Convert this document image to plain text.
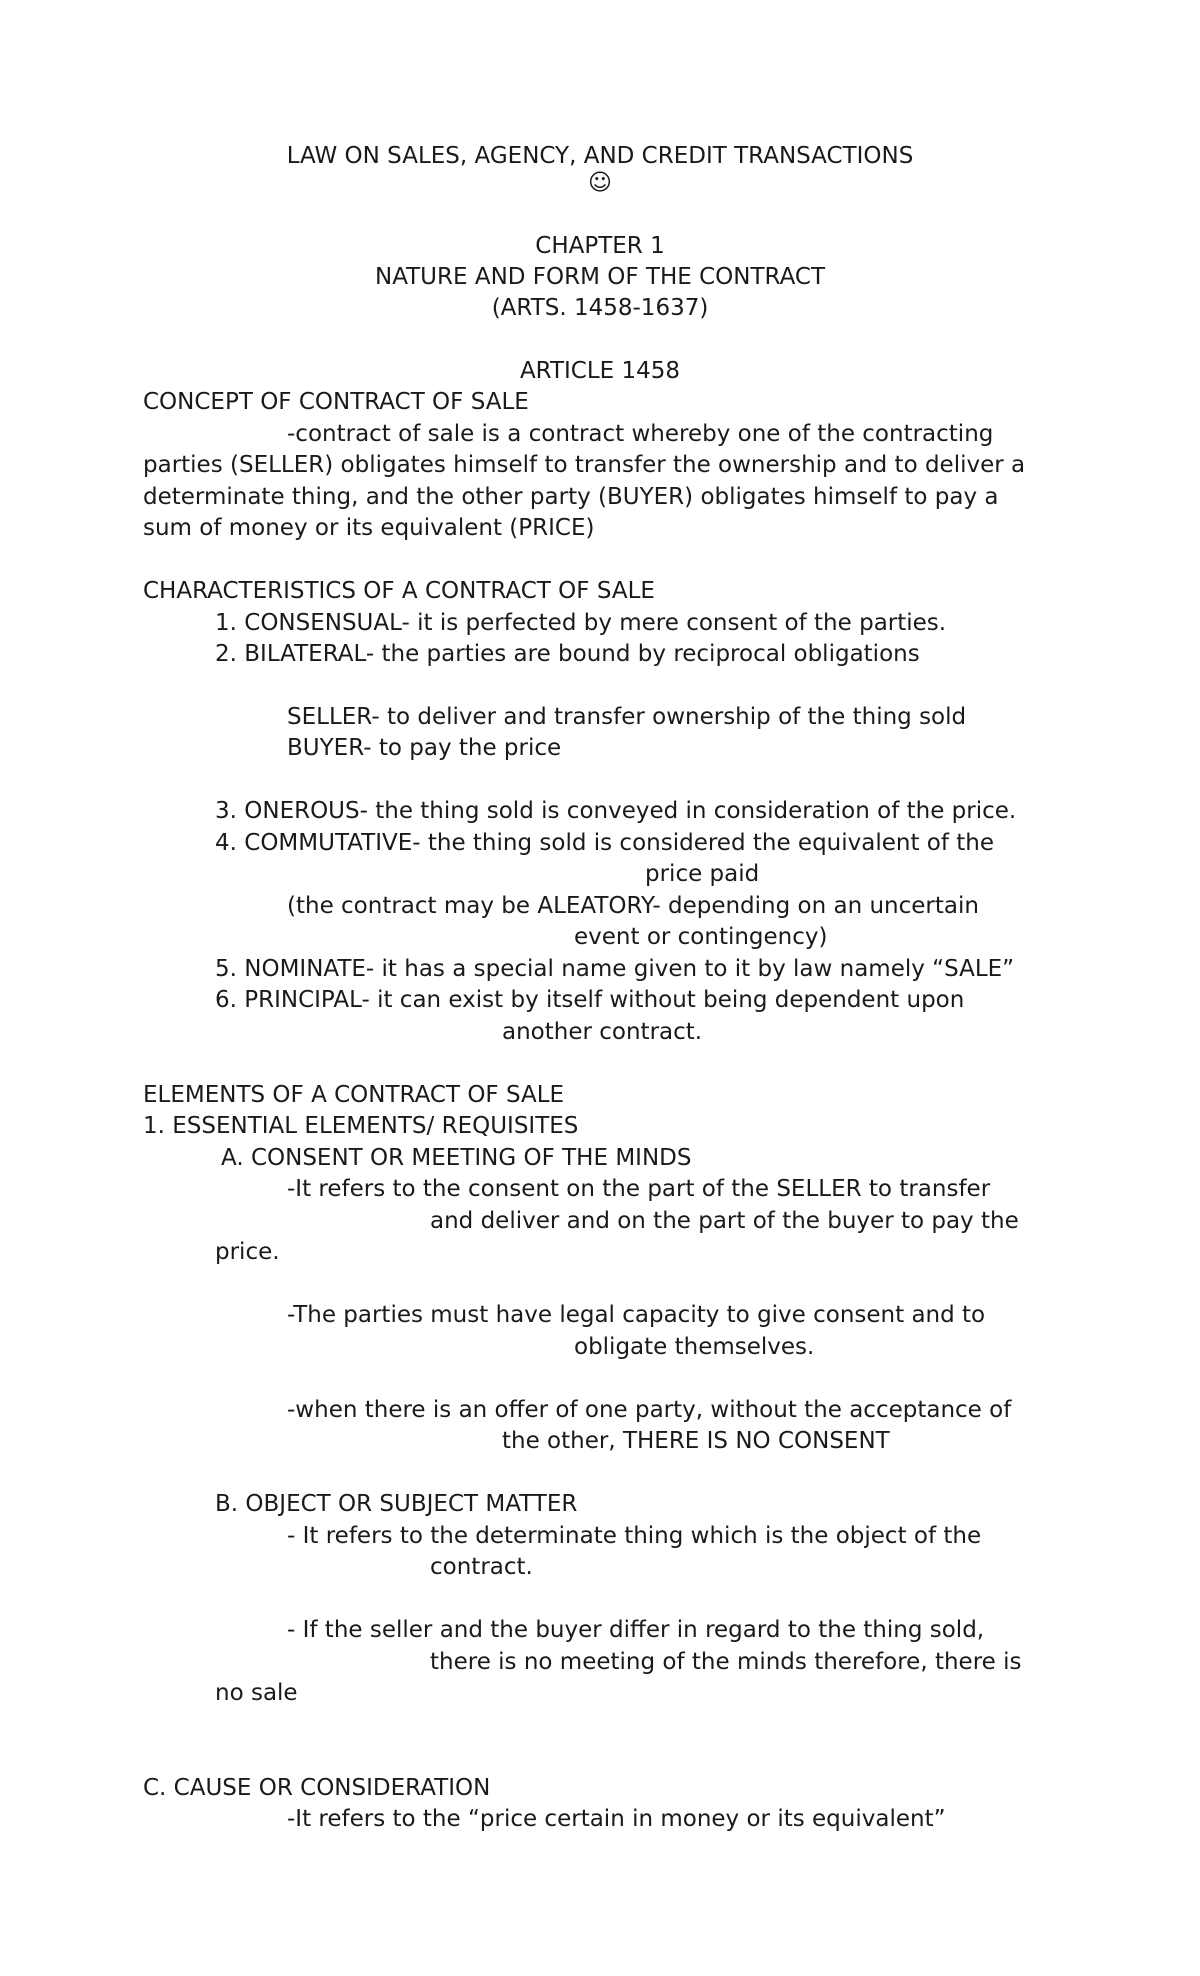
LAW ON SALES, AGENCY, AND CREDIT TRANSACTIONS
☺
CHAPTER 1
NATURE AND FORM OF THE CONTRACT
(ARTS. 1458-1637)
ARTICLE 1458
CONCEPT OF CONTRACT OF SALE
-contract of sale is a contract whereby one of the contracting
parties (SELLER) obligates himself to transfer the ownership and to deliver a
determinate thing, and the other party (BUYER) obligates himself to pay a
sum of money or its equivalent (PRICE)
CHARACTERISTICS OF A CONTRACT OF SALE
1. CONSENSUAL- it is perfected by mere consent of the parties.
2. BILATERAL- the parties are bound by reciprocal obligations
SELLER- to deliver and transfer ownership of the thing sold
BUYER- to pay the price
3. ONEROUS- the thing sold is conveyed in consideration of the price.
4. COMMUTATIVE- the thing sold is considered the equivalent of the
price paid
(the contract may be ALEATORY- depending on an uncertain
event or contingency)
5. NOMINATE- it has a special name given to it by law namely “SALE”
6. PRINCIPAL- it can exist by itself without being dependent upon
another contract.
ELEMENTS OF A CONTRACT OF SALE
1. ESSENTIAL ELEMENTS/ REQUISITES
A. CONSENT OR MEETING OF THE MINDS
-It refers to the consent on the part of the SELLER to transfer
and deliver and on the part of the buyer to pay the
price.
-The parties must have legal capacity to give consent and to
obligate themselves.
-when there is an offer of one party, without the acceptance of
the other, THERE IS NO CONSENT
B. OBJECT OR SUBJECT MATTER
- It refers to the determinate thing which is the object of the
contract.
- If the seller and the buyer differ in regard to the thing sold,
there is no meeting of the minds therefore, there is
no sale
C. CAUSE OR CONSIDERATION
-It refers to the “price certain in money or its equivalent”
